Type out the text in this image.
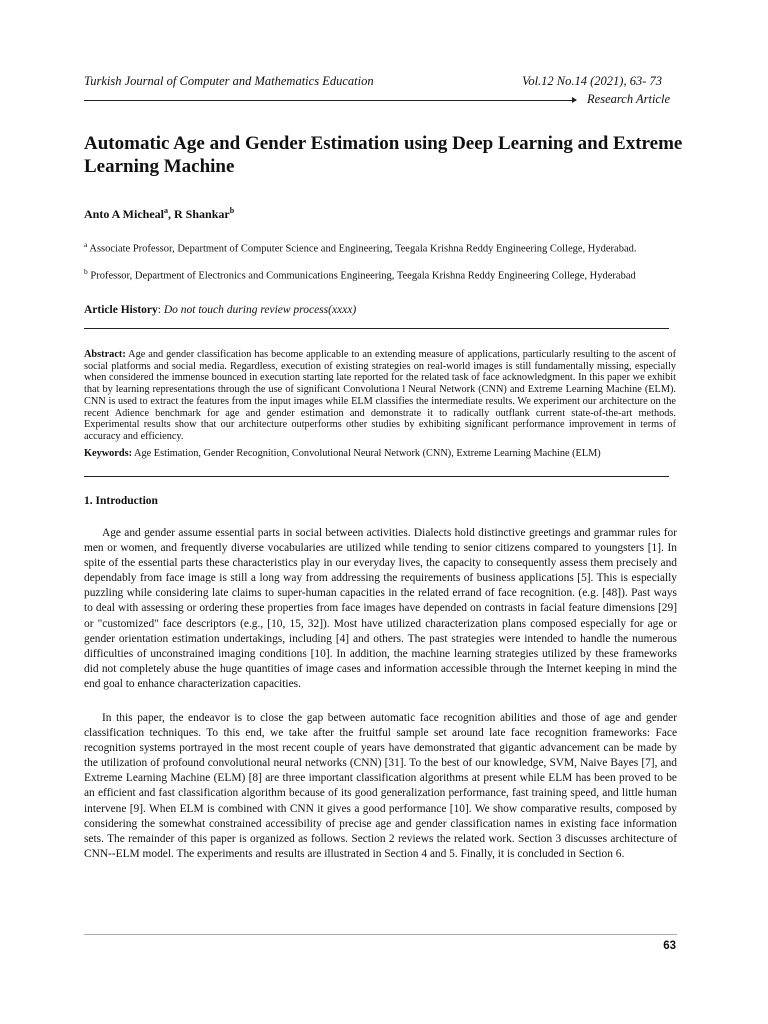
Turkish Journal of Computer and Mathematics Education	Vol.12 No.14 (2021), 63- 73
Research Article
Automatic Age and Gender Estimation using Deep Learning and Extreme Learning Machine
Anto A Micheal$^a$, R Shankar$^b$
$^a$ Associate Professor, Department of Computer Science and Engineering, Teegala Krishna Reddy Engineering College, Hyderabad.
$^b$ Professor, Department of Electronics and Communications Engineering, Teegala Krishna Reddy Engineering College, Hyderabad
Article History: Do not touch during review process(xxxx)
Abstract: Age and gender classification has become applicable to an extending measure of applications, particularly resulting to the ascent of social platforms and social media. Regardless, execution of existing strategies on real-world images is still fundamentally missing, especially when considered the immense bounced in execution starting late reported for the related task of face acknowledgment. In this paper we exhibit that by learning representations through the use of significant Convolutiona l Neural Network (CNN) and Extreme Learning Machine (ELM). CNN is used to extract the features from the input images while ELM classifies the intermediate results. We experiment our architecture on the recent Adience benchmark for age and gender estimation and demonstrate it to radically outflank current state-of-the-art methods. Experimental results show that our architecture outperforms other studies by exhibiting significant performance improvement in terms of accuracy and efficiency.
Keywords: Age Estimation, Gender Recognition, Convolutional Neural Network (CNN), Extreme Learning Machine (ELM)
1. Introduction
Age and gender assume essential parts in social between activities. Dialects hold distinctive greetings and grammar rules for men or women, and frequently diverse vocabularies are utilized while tending to senior citizens compared to youngsters [1]. In spite of the essential parts these characteristics play in our everyday lives, the capacity to consequently assess them precisely and dependably from face image is still a long way from addressing the requirements of business applications [5]. This is especially puzzling while considering late claims to super-human capacities in the related errand of face recognition. (e.g. [48]). Past ways to deal with assessing or ordering these properties from face images have depended on contrasts in facial feature dimensions [29] or "customized" face descriptors (e.g., [10, 15, 32]). Most have utilized characterization plans composed especially for age or gender orientation estimation undertakings, including [4] and others. The past strategies were intended to handle the numerous difficulties of unconstrained imaging conditions [10]. In addition, the machine learning strategies utilized by these frameworks did not completely abuse the huge quantities of image cases and information accessible through the Internet keeping in mind the end goal to enhance characterization capacities.
In this paper, the endeavor is to close the gap between automatic face recognition abilities and those of age and gender classification techniques. To this end, we take after the fruitful sample set around late face recognition frameworks: Face recognition systems portrayed in the most recent couple of years have demonstrated that gigantic advancement can be made by the utilization of profound convolutional neural networks (CNN) [31]. To the best of our knowledge, SVM, Naive Bayes [7], and Extreme Learning Machine (ELM) [8] are three important classification algorithms at present while ELM has been proved to be an efficient and fast classification algorithm because of its good generalization performance, fast training speed, and little human intervene [9]. When ELM is combined with CNN it gives a good performance [10]. We show comparative results, composed by considering the somewhat constrained accessibility of precise age and gender classification names in existing face information sets. The remainder of this paper is organized as follows. Section 2 reviews the related work. Section 3 discusses architecture of CNN--ELM model. The experiments and results are illustrated in Section 4 and 5. Finally, it is concluded in Section 6.
63
